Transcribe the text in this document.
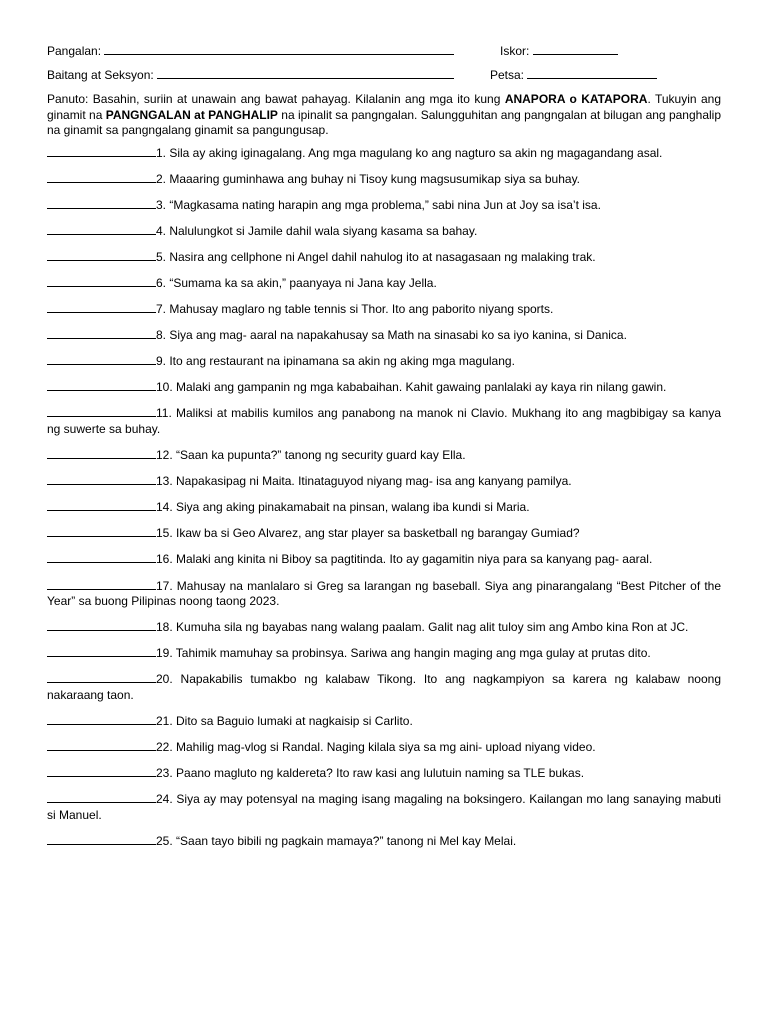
Pangalan:	Iskor:
Baitang at Seksyon:	Petsa:
Panuto: Basahin, suriin at unawain ang bawat pahayag. Kilalanin ang mga ito kung ANAPORA o KATAPORA. Tukuyin ang ginamit na PANGNGALAN at PANGHALIP na ipinalit sa pangngalan. Salungguhitan ang pangngalan at bilugan ang panghalip na ginamit sa pangngalang ginamit sa pangungusap.
1. Sila ay aking iginagalang. Ang mga magulang ko ang nagturo sa akin ng magagandang asal.
2. Maaaring guminhawa ang buhay ni Tisoy kung magsusumikap siya sa buhay.
3. “Magkasama nating harapin ang mga problema,” sabi nina Jun at Joy sa isa’t isa.
4. Nalulungkot si Jamile dahil wala siyang kasama sa bahay.
5. Nasira ang cellphone ni Angel dahil nahulog ito at nasagasaan ng malaking trak.
6. “Sumama ka sa akin,” paanyaya ni Jana kay Jella.
7. Mahusay maglaro ng table tennis si Thor. Ito ang paborito niyang sports.
8. Siya ang mag- aaral na napakahusay sa Math na sinasabi ko sa iyo kanina, si Danica.
9. Ito ang restaurant na ipinamana sa akin ng aking mga magulang.
10. Malaki ang gampanin ng mga kababaihan. Kahit gawaing panlalaki ay kaya rin nilang gawin.
11. Maliksi at mabilis kumilos ang panabong na manok ni Clavio. Mukhang ito ang magbibigay sa kanya ng suwerte sa buhay.
12. “Saan ka pupunta?” tanong ng security guard kay Ella.
13. Napakasipag ni Maita. Itinataguyod niyang mag- isa ang kanyang pamilya.
14. Siya ang aking pinakamabait na pinsan, walang iba kundi si Maria.
15. Ikaw ba si Geo Alvarez, ang star player sa basketball ng barangay Gumiad?
16. Malaki ang kinita ni Biboy sa pagtitinda. Ito ay gagamitin niya para sa kanyang pag- aaral.
17. Mahusay na manlalaro si Greg sa larangan ng baseball. Siya ang pinarangalang “Best Pitcher of the Year” sa buong Pilipinas noong taong 2023.
18. Kumuha sila ng bayabas nang walang paalam. Galit nag alit tuloy sim ang Ambo kina Ron at JC.
19. Tahimik mamuhay sa probinsya. Sariwa ang hangin maging ang mga gulay at prutas dito.
20. Napakabilis tumakbo ng kalabaw Tikong. Ito ang nagkampiyon sa karera ng kalabaw noong nakaraang taon.
21. Dito sa Baguio lumaki at nagkaisip si Carlito.
22. Mahilig mag-vlog si Randal. Naging kilala siya sa mg aini- upload niyang video.
23. Paano magluto ng kaldereta? Ito raw kasi ang lulutuin naming sa TLE bukas.
24. Siya ay may potensyal na maging isang magaling na boksingero. Kailangan mo lang sanaying mabuti si Manuel.
25. “Saan tayo bibili ng pagkain mamaya?” tanong ni Mel kay Melai.
